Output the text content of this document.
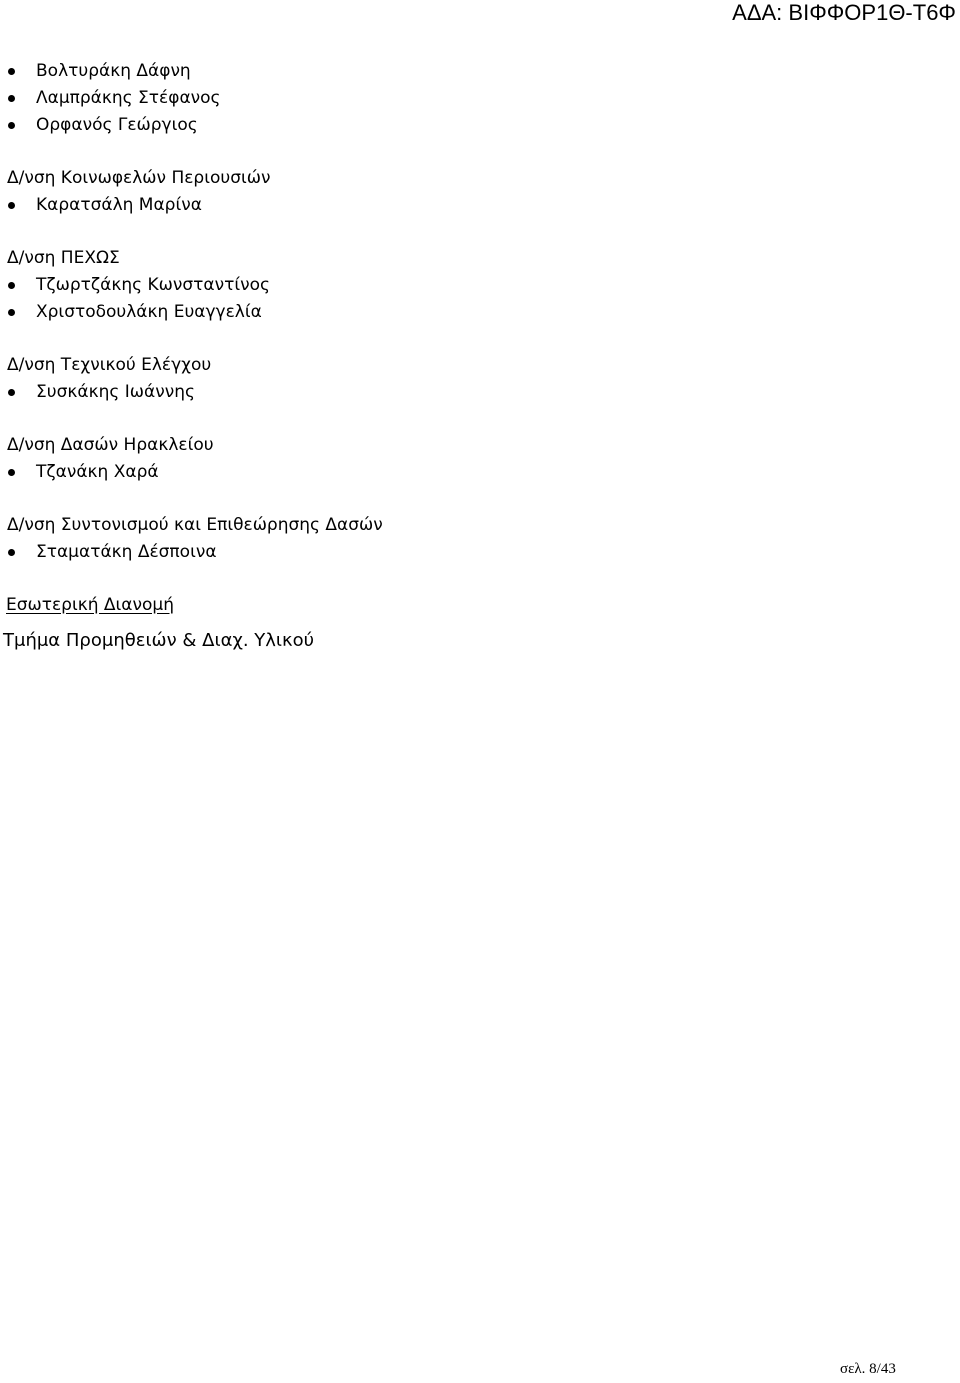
ΑΔΑ: ΒΙΦΦΟΡ1Θ-Τ6Φ
Βολτυράκη Δάφνη
Λαμπράκης Στέφανος
Ορφανός Γεώργιος
Δ/νση Κοινωφελών Περιουσιών
Καρατσάλη Μαρίνα
Δ/νση ΠΕΧΩΣ
Τζωρτζάκης Κωνσταντίνος
Χριστοδουλάκη Ευαγγελία
Δ/νση Τεχνικού Ελέγχου
Συσκάκης Ιωάννης
Δ/νση Δασών Ηρακλείου
Τζανάκη Χαρά
Δ/νση Συντονισμού και Επιθεώρησης Δασών
Σταματάκη Δέσποινα
Εσωτερική Διανομή
Τμήμα Προμηθειών & Διαχ. Υλικού
σελ. 8/43
